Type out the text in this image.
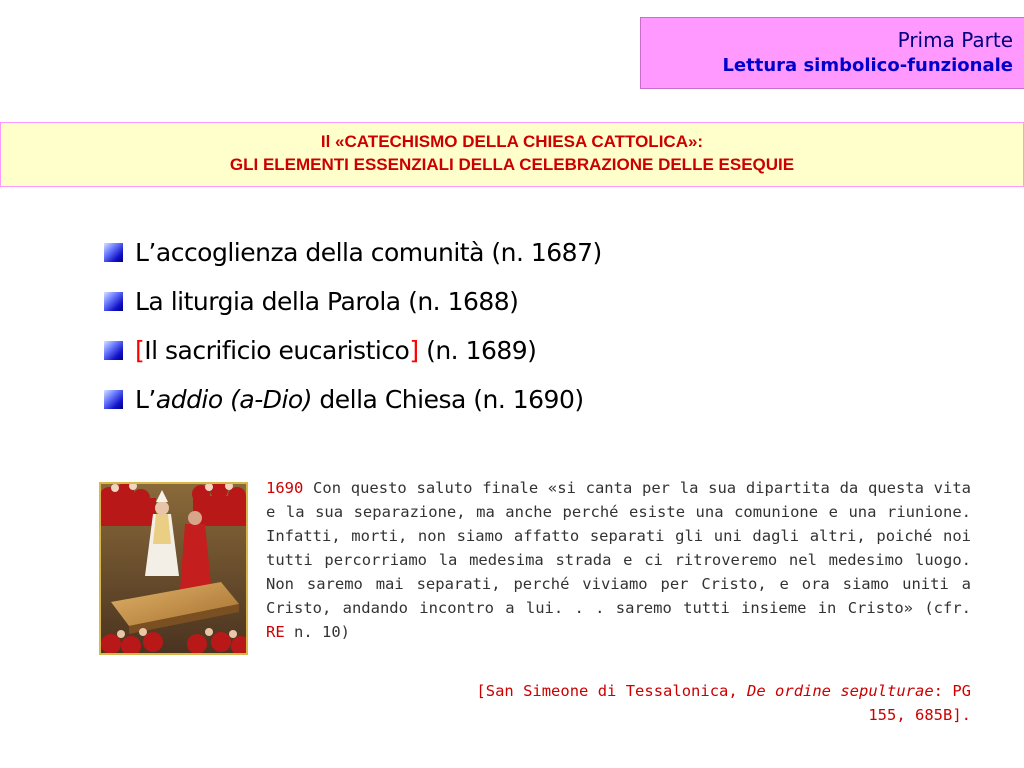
Prima Parte
Lettura simbolico-funzionale
Il «CATECHISMO DELLA CHIESA CATTOLICA»:
GLI ELEMENTI ESSENZIALI DELLA CELEBRAZIONE DELLE ESEQUIE
L’accoglienza della comunità (n. 1687)
La liturgia della Parola (n. 1688)
[Il sacrificio eucaristico] (n. 1689)
L’addio (a-Dio) della Chiesa (n. 1690)

1690 Con questo saluto finale «si canta per la sua dipartita da questa vita e la sua separazione, ma anche perché esiste una comunione e una riunione. Infatti, morti, non siamo affatto separati gli uni dagli altri, poiché noi tutti percorriamo la medesima strada e ci ritroveremo nel medesimo luogo. Non saremo mai separati, perché viviamo per Cristo, e ora siamo uniti a Cristo, andando incontro a lui. . . saremo tutti insieme in Cristo» (cfr. RE n. 10)

[San Simeone di Tessalonica, De ordine sepulturae: PG 155, 685B].
